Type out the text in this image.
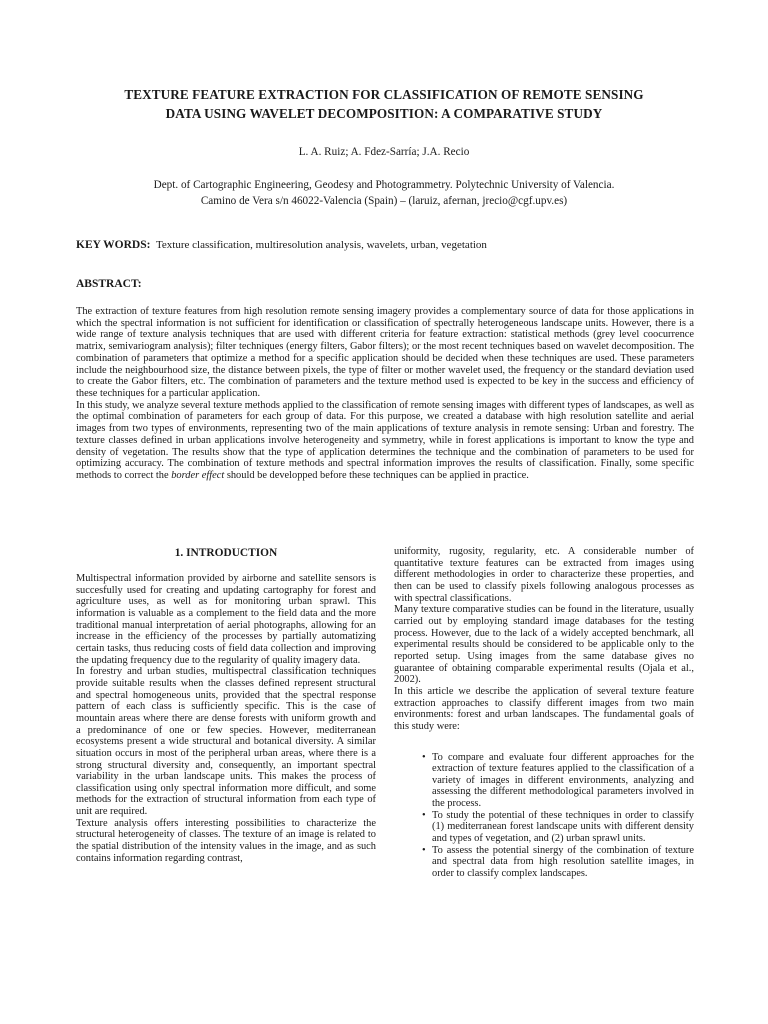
TEXTURE FEATURE EXTRACTION FOR CLASSIFICATION OF REMOTE SENSING
DATA USING WAVELET DECOMPOSITION: A COMPARATIVE STUDY
L. A. Ruiz; A. Fdez-Sarría; J.A. Recio
Dept. of Cartographic Engineering, Geodesy and Photogrammetry. Polytechnic University of Valencia.
Camino de Vera s/n 46022-Valencia (Spain) – (laruiz, afernan, jrecio@cgf.upv.es)
KEY WORDS: Texture classification, multiresolution analysis, wavelets, urban, vegetation
ABSTRACT:

The extraction of texture features from high resolution remote sensing imagery provides a complementary source of data for those applications in which the spectral information is not sufficient for identification or classification of spectrally heterogeneous landscape units. However, there is a wide range of texture analysis techniques that are used with different criteria for feature extraction: statistical methods (grey level coocurrence matrix, semivariogram analysis); filter techniques (energy filters, Gabor filters); or the most recent techniques based on wavelet decomposition. The combination of parameters that optimize a method for a specific application should be decided when these techniques are used. These parameters include the neighbourhood size, the distance between pixels, the type of filter or mother wavelet used, the frequency or the standard deviation used to create the Gabor filters, etc. The combination of parameters and the texture method used is expected to be key in the success and efficiency of these techniques for a particular application.

In this study, we analyze several texture methods applied to the classification of remote sensing images with different types of landscapes, as well as the optimal combination of parameters for each group of data. For this purpose, we created a database with high resolution satellite and aerial images from two types of environments, representing two of the main applications of texture analysis in remote sensing: Urban and forestry. The texture classes defined in urban applications involve heterogeneity and symmetry, while in forest applications is important to know the type and density of vegetation. The results show that the type of application determines the technique and the combination of parameters to be used for optimizing accuracy. The combination of texture methods and spectral information improves the results of classification. Finally, some specific methods to correct the border effect should be developped before these techniques can be applied in practice.

1. INTRODUCTION

Multispectral information provided by airborne and satellite sensors is succesfully used for creating and updating cartography for forest and agriculture uses, as well as for monitoring urban sprawl. This information is valuable as a complement to the field data and the more traditional manual interpretation of aerial photographs, allowing for an increase in the efficiency of the processes by partially automatizing certain tasks, thus reducing costs of field data collection and improving the updating frequency due to the regularity of quality imagery data.

In forestry and urban studies, multispectral classification techniques provide suitable results when the classes defined represent structural and spectral homogeneous units, provided that the spectral response pattern of each class is sufficiently specific. This is the case of mountain areas where there are dense forests with uniform growth and a predominance of one or few species. However, mediterranean ecosystems present a wide structural and botanical diversity. A similar situation occurs in most of the peripheral urban areas, where there is a strong structural diversity and, consequently, an important spectral variability in the urban landscape units. This makes the process of classification using only spectral information more difficult, and some methods for the extraction of structural information from each type of unit are required.

Texture analysis offers interesting possibilities to characterize the structural heterogeneity of classes. The texture of an image is related to the spatial distribution of the intensity values in the image, and as such contains information regarding contrast,

uniformity, rugosity, regularity, etc. A considerable number of quantitative texture features can be extracted from images using different methodologies in order to characterize these properties, and then can be used to classify pixels following analogous processes as with spectral classifications.

Many texture comparative studies can be found in the literature, usually carried out by employing standard image databases for the testing process. However, due to the lack of a widely accepted benchmark, all experimental results should be considered to be applicable only to the reported setup. Using images from the same database gives no guarantee of obtaining comparable experimental results (Ojala et al., 2002).

In this article we describe the application of several texture feature extraction approaches to classify different images from two main environments: forest and urban landscapes. The fundamental goals of this study were:

• To compare and evaluate four different approaches for the extraction of texture features applied to the classification of a variety of images in different environments, analyzing and assessing the different methodological parameters involved in the process.
• To study the potential of these techniques in order to classify (1) mediterranean forest landscape units with different density and types of vegetation, and (2) urban sprawl units.
• To assess the potential sinergy of the combination of texture and spectral data from high resolution satellite images, in order to classify complex landscapes.
